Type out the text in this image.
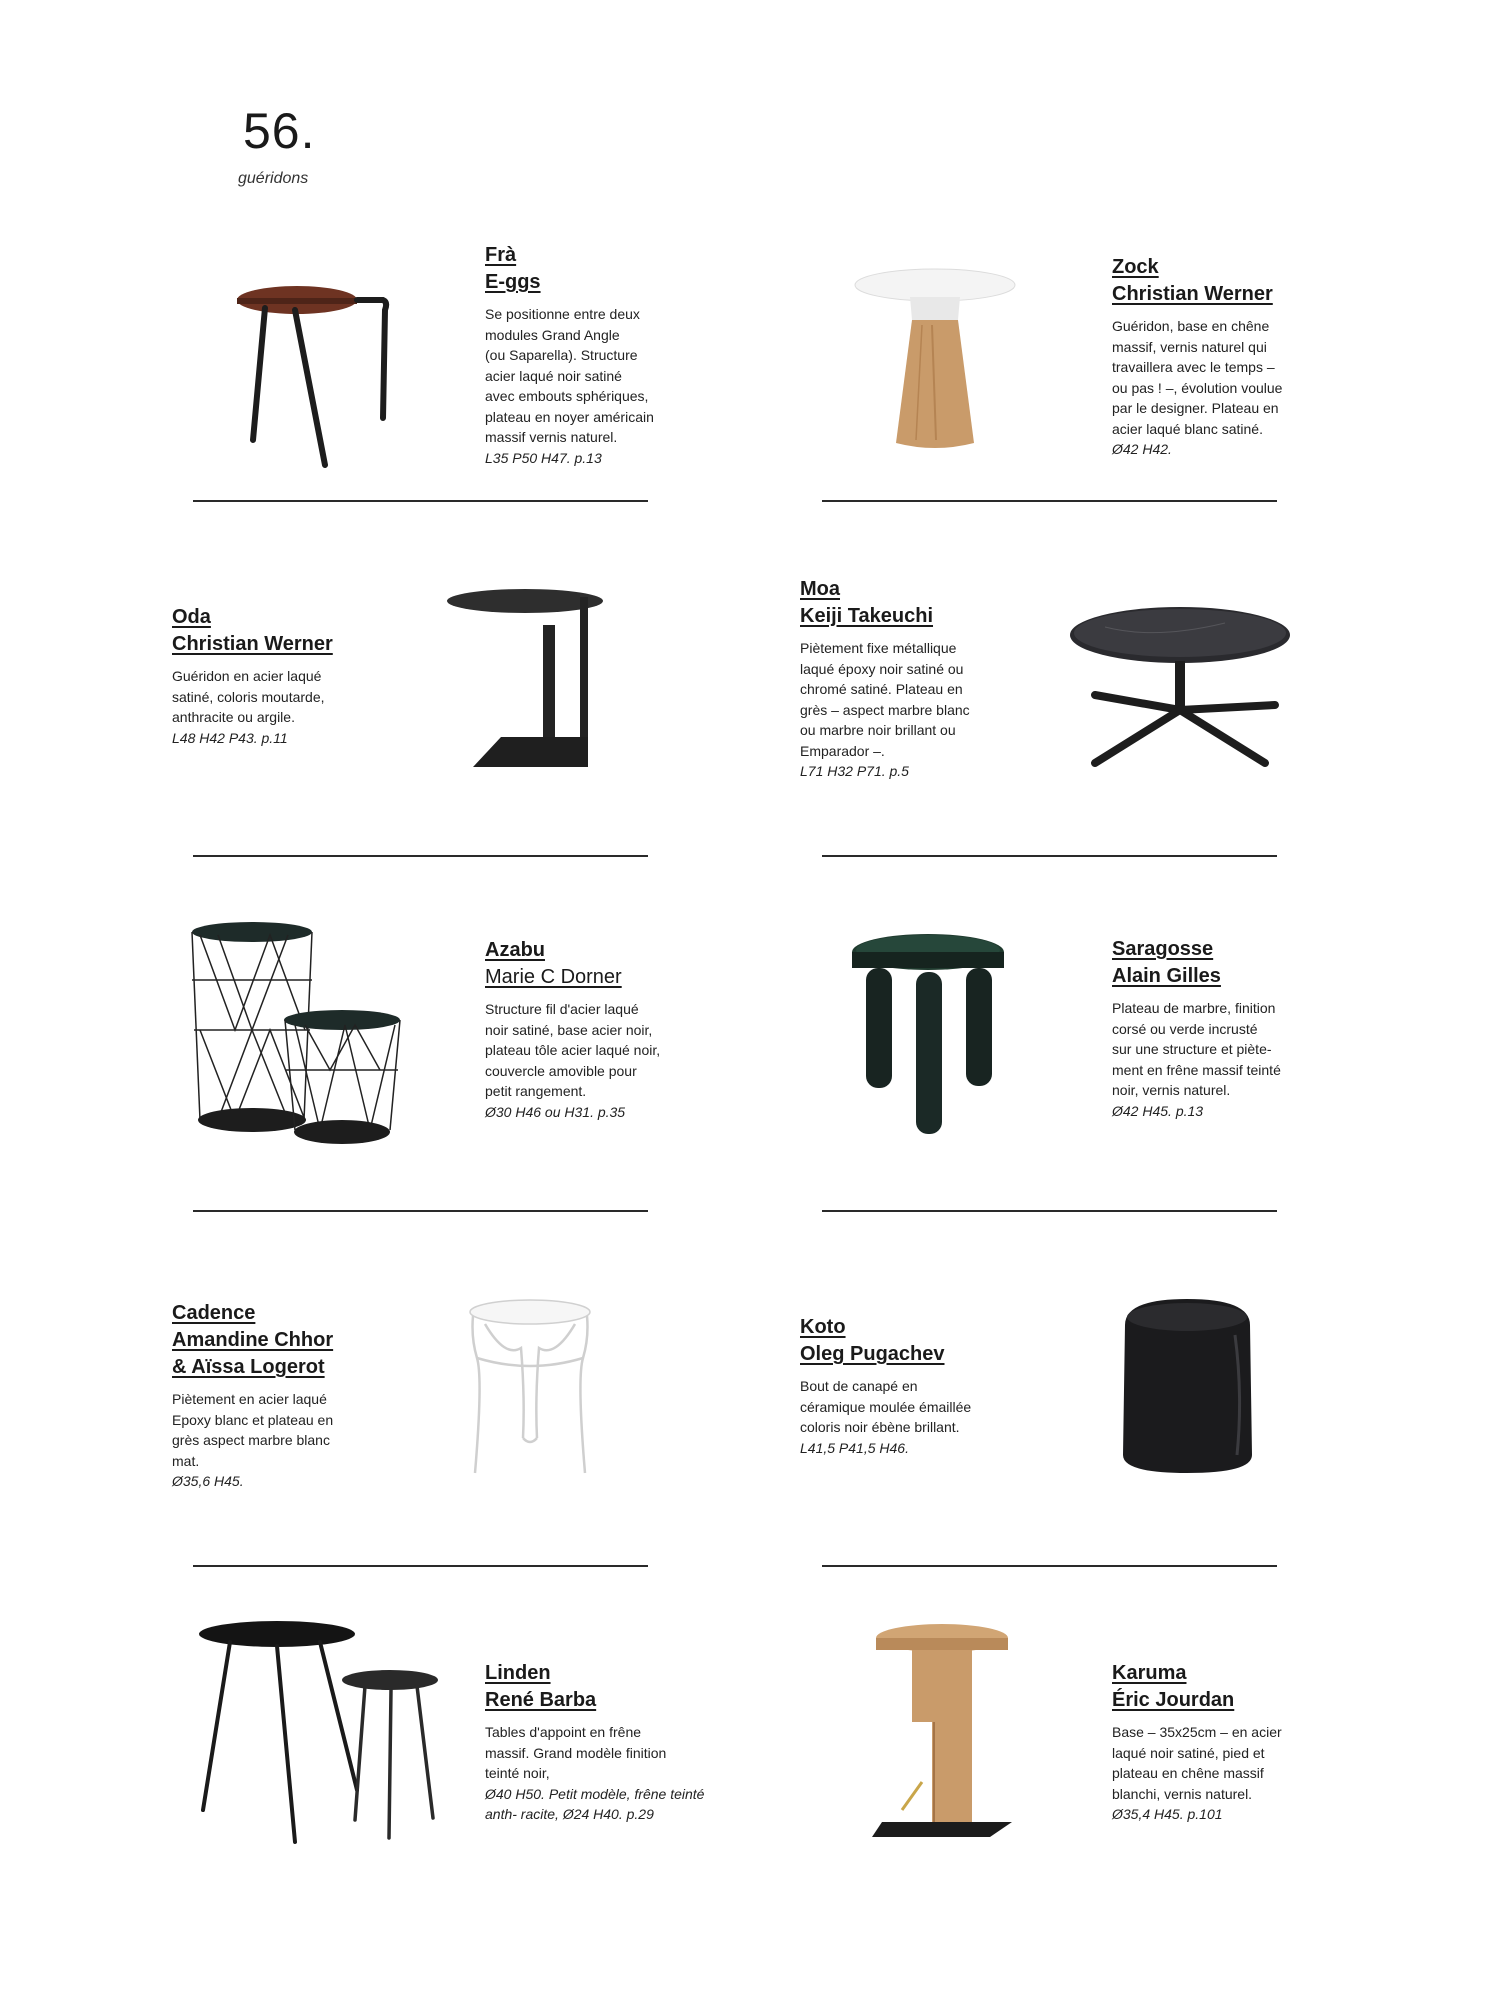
56.
guéridons
Frà
E-ggs
Se positionne entre deux
modules Grand Angle
(ou Saparella). Structure
acier laqué noir satiné
avec embouts sphériques,
plateau en noyer américain
massif vernis naturel.
L35 P50 H47. p.13
Zock
Christian Werner
Guéridon, base en chêne
massif, vernis naturel qui
travaillera avec le temps –
ou pas ! –, évolution voulue
par le designer. Plateau en
acier laqué blanc satiné.
Ø42 H42.
Oda
Christian Werner
Guéridon en acier laqué
satiné, coloris moutarde,
anthracite ou argile.
L48 H42 P43. p.11
Moa
Keiji Takeuchi
Piètement fixe métallique
laqué époxy noir satiné ou
chromé satiné. Plateau en
grès – aspect marbre blanc
ou marbre noir brillant ou
Emparador –.
L71 H32 P71. p.5
Azabu
Marie C Dorner
Structure fil d'acier laqué
noir satiné, base acier noir,
plateau tôle acier laqué noir,
couvercle amovible pour
petit rangement.
Ø30 H46 ou H31. p.35
Saragosse
Alain Gilles
Plateau de marbre, finition
corsé ou verde incrusté
sur une structure et piète-
ment en frêne massif teinté
noir, vernis naturel.
Ø42 H45. p.13
Cadence
Amandine Chhor
& Aïssa Logerot
Piètement en acier laqué
Epoxy blanc et plateau en
grès aspect marbre blanc
mat.
Ø35,6 H45.
Koto
Oleg Pugachev
Bout de canapé en
céramique moulée émaillée
coloris noir ébène brillant.
L41,5 P41,5 H46.
Linden
René Barba
Tables d'appoint en frêne
massif. Grand modèle finition
teinté noir,
Ø40 H50. Petit modèle, frêne teinté anth- racite, Ø24 H40. p.29
Karuma
Éric Jourdan
Base – 35x25cm – en acier
laqué noir satiné, pied et
plateau en chêne massif
blanchi, vernis naturel.
Ø35,4 H45. p.101
